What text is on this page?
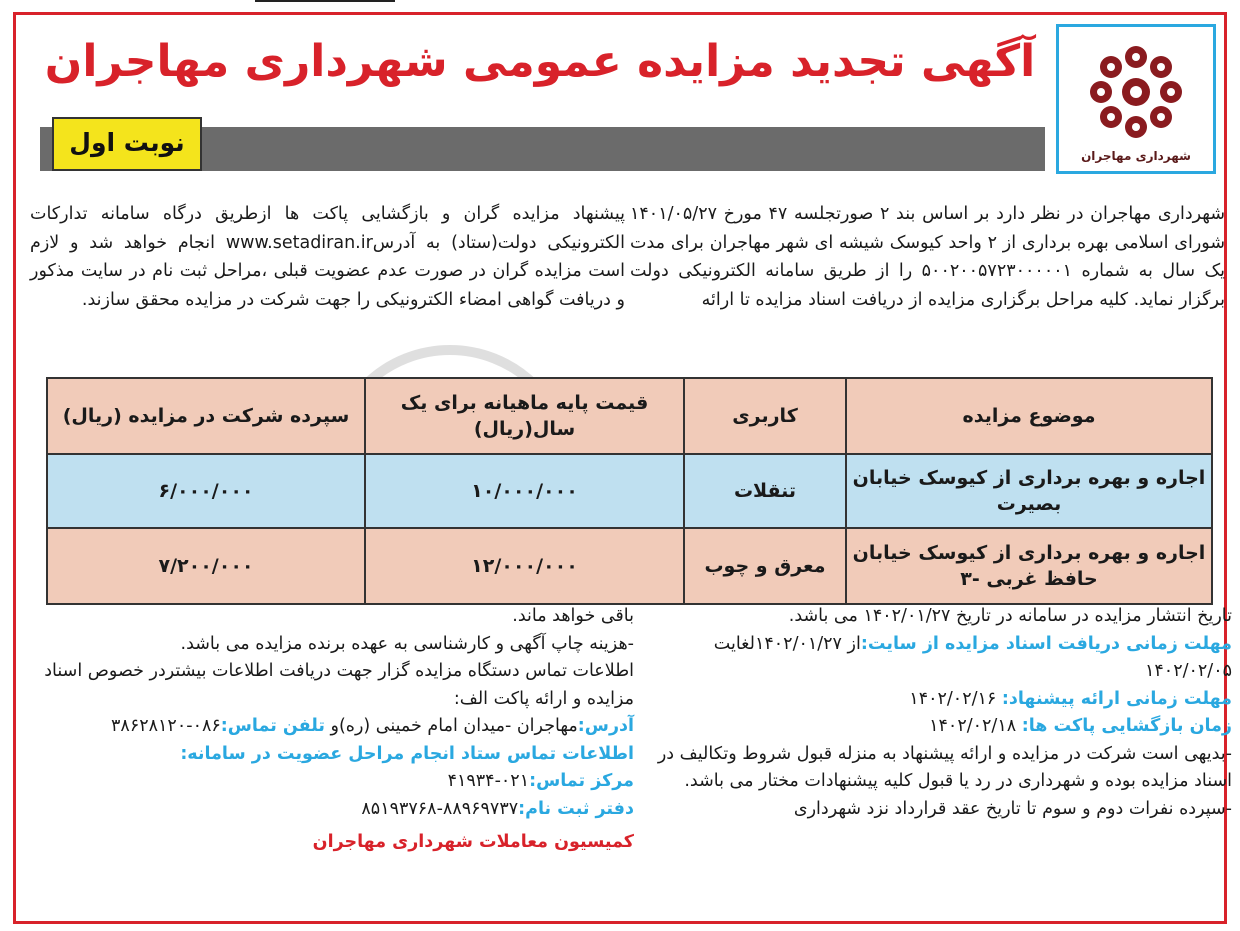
شهرداری مهاجران
آگهی تجدید مزایده عمومی شهرداری مهاجران
نوبت اول
شهرداری مهاجران در نظر دارد بر اساس بند ۲ صورتجلسه ۴۷ مورخ ۱۴۰۱/۰۵/۲۷ شورای اسلامی بهره برداری از ۲ واحد کیوسک شیشه ای شهر مهاجران برای مدت یک سال به شماره ۵۰۰۲۰۰۵۷۲۳۰۰۰۰۰۱ را از طریق سامانه الکترونیکی دولت برگزار نماید. کلیه مراحل برگزاری مزایده از دریافت اسناد مزایده تا ارائه
پیشنهاد مزایده گران و بازگشایی پاکت ها ازطریق درگاه سامانه تدارکات الکترونیکی دولت(ستاد) به آدرسwww.setadiran.ir انجام خواهد شد و لازم است مزایده گران در صورت عدم عضویت قبلی ،مراحل ثبت نام در سایت مذکور و دریافت گواهی امضاء الکترونیکی را جهت شرکت در مزایده محقق سازند.
موضوع مزایده	کاربری	قیمت پایه ماهیانه برای یک سال(ریال)	سپرده شرکت در مزایده (ریال)
اجاره و بهره برداری از کیوسک خیابان بصیرت	تنقلات	۱۰/۰۰۰/۰۰۰	۶/۰۰۰/۰۰۰
اجاره و بهره برداری از کیوسک خیابان حافظ غربی -۳	معرق و چوب	۱۲/۰۰۰/۰۰۰	۷/۲۰۰/۰۰۰
تاریخ انتشار مزایده در سامانه در تاریخ ۱۴۰۲/۰۱/۲۷ می باشد.
مهلت زمانی دریافت اسناد مزایده از سایت:از ۱۴۰۲/۰۱/۲۷لغایت ۱۴۰۲/۰۲/۰۵
مهلت زمانی ارائه پیشنهاد: ۱۴۰۲/۰۲/۱۶
زمان بازگشایی پاکت ها: ۱۴۰۲/۰۲/۱۸
-بدیهی است شرکت در مزایده و ارائه پیشنهاد به منزله قبول شروط وتکالیف در اسناد مزایده بوده و شهرداری در رد یا قبول کلیه پیشنهادات مختار می باشد.
-سپرده نفرات دوم و سوم تا تاریخ عقد قرارداد نزد شهرداری
باقی خواهد ماند.
-هزینه چاپ آگهی و کارشناسی به عهده برنده مزایده می باشد.
اطلاعات تماس دستگاه مزایده گزار جهت دریافت اطلاعات بیشتردر خصوص اسناد مزایده و ارائه پاکت الف:
آدرس:مهاجران -میدان امام خمینی (ره)و تلفن تماس:۰۸۶-۳۸۶۲۸۱۲۰
اطلاعات تماس ستاد انجام مراحل عضویت در سامانه:
مرکز تماس:۰۲۱-۴۱۹۳۴
دفتر ثبت نام:۸۸۹۶۹۷۳۷-۸۵۱۹۳۷۶۸
کمیسیون معاملات شهرداری مهاجران
